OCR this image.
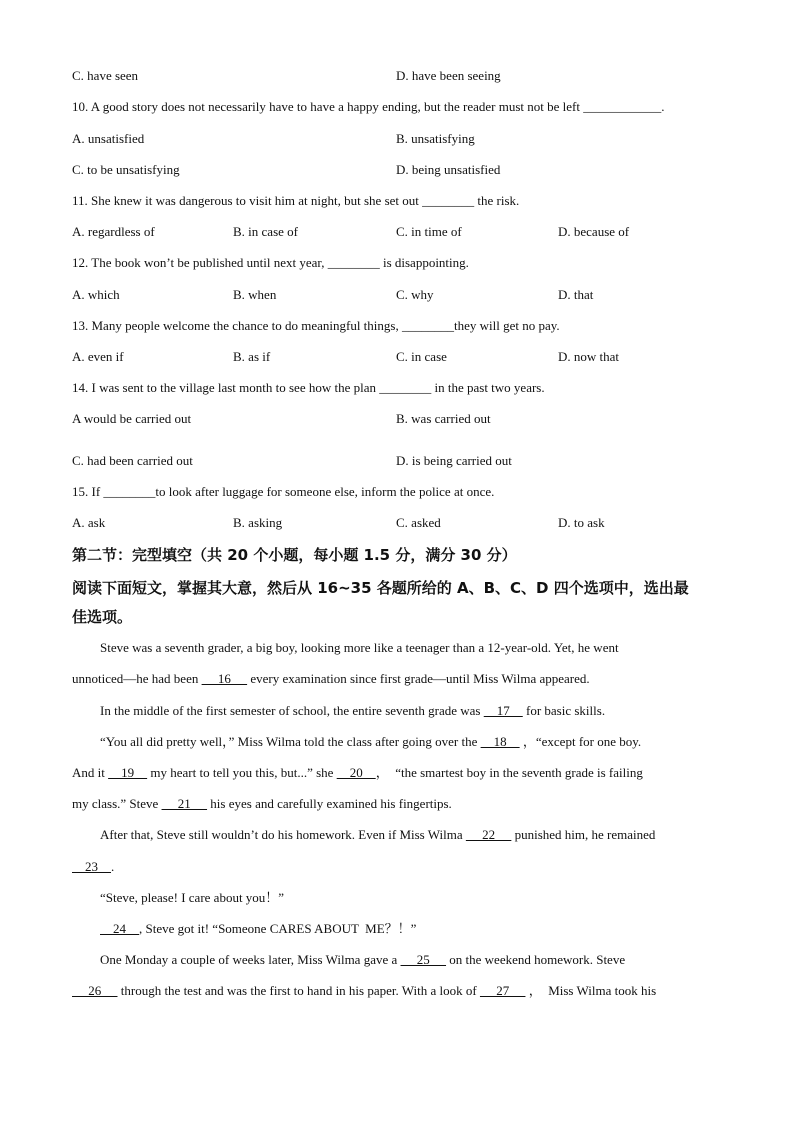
第二节：完型填空（共 20 个小题，每小题 1.5 分，满分 30 分）
阅读下面短文，掌握其大意，然后从 16~35 各题所给的 A、B、C、D 四个选项中，选出最
佳选项。
C. have seen	D. have been seeing
10. A good story does not necessarily have to have a happy ending, but the reader must not be left ____________.
A. unsatisfied	B. unsatisfying
C. to be unsatisfying	D. being unsatisfied
11. She knew it was dangerous to visit him at night, but she set out ________ the risk.
A. regardless of	B. in case of	C. in time of	D. because of
12. The book won’t be published until next year, ________ is disappointing.
A. which	B. when	C. why	D. that
13. Many people welcome the chance to do meaningful things, ________they will get no pay.
A. even if	B. as if	C. in case	D. now that
14. I was sent to the village last month to see how the plan ________ in the past two years.
A would be carried out	B. was carried out
C. had been carried out	D. is being carried out
15. If ________to look after luggage for someone else, inform the police at once.
A. ask	B. asking	C. asked	D. to ask
Steve was a seventh grader, a big boy, looking more like a teenager than a 12-year-old. Yet, he went
unnoticed—he had been      16      every examination since first grade—until Miss Wilma appeared.
In the middle of the first semester of school, the entire seventh grade was     17     for basic skills.
“You all did pretty well，” Miss Wilma told the class after going over the     18     ，“except for one boy.
And it     19     my heart to tell you this, but...” she     20    ，  “the smartest boy in the seventh grade is failing
my class.” Steve      21      his eyes and carefully examined his fingertips.
After that, Steve still wouldn’t do his homework. Even if Miss Wilma      22      punished him, he remained
23    .
“Steve, please! I care about you！”
24    , Steve got it! “Someone CARES ABOUT  ME？！”
One Monday a couple of weeks later, Miss Wilma gave a      25      on the weekend homework. Steve
26      through the test and was the first to hand in his paper. With a look of      27      ，  Miss Wilma took his
